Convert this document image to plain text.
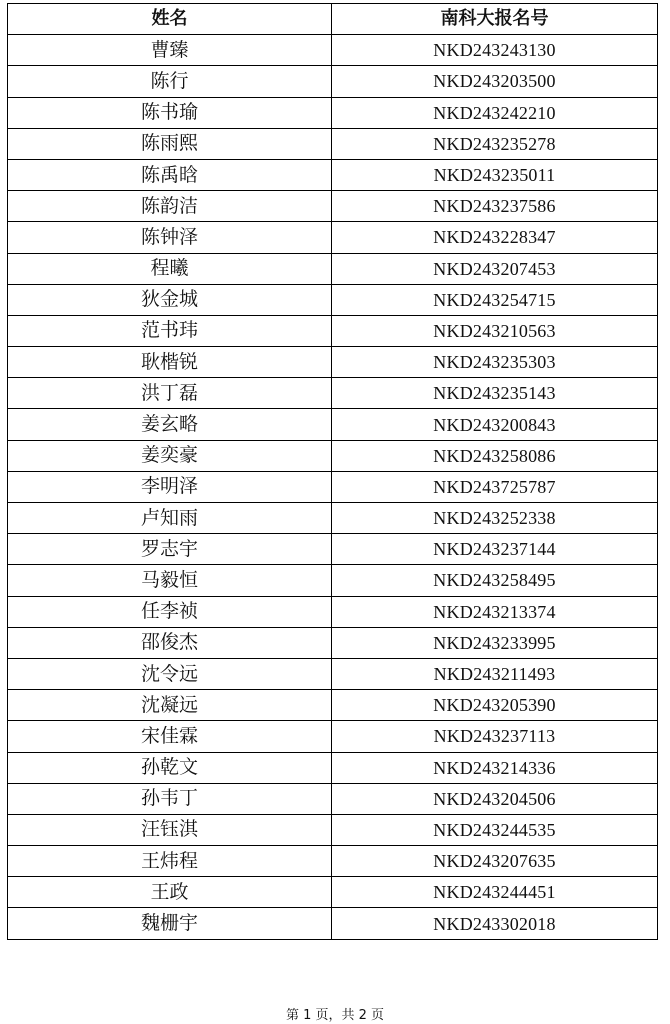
姓名	南科大报名号
曹臻	NKD243243130
陈行	NKD243203500
陈书瑜	NKD243242210
陈雨熙	NKD243235278
陈禹晗	NKD243235011
陈韵洁	NKD243237586
陈钟泽	NKD243228347
程曦	NKD243207453
狄金城	NKD243254715
范书玮	NKD243210563
耿楷锐	NKD243235303
洪丁磊	NKD243235143
姜玄略	NKD243200843
姜奕豪	NKD243258086
李明泽	NKD243725787
卢知雨	NKD243252338
罗志宇	NKD243237144
马毅恒	NKD243258495
任李祯	NKD243213374
邵俊杰	NKD243233995
沈令远	NKD243211493
沈凝远	NKD243205390
宋佳霖	NKD243237113
孙乾文	NKD243214336
孙韦丁	NKD243204506
汪钰淇	NKD243244535
王炜程	NKD243207635
王政	NKD243244451
魏栅宇	NKD243302018
第 1 页，共 2 页
